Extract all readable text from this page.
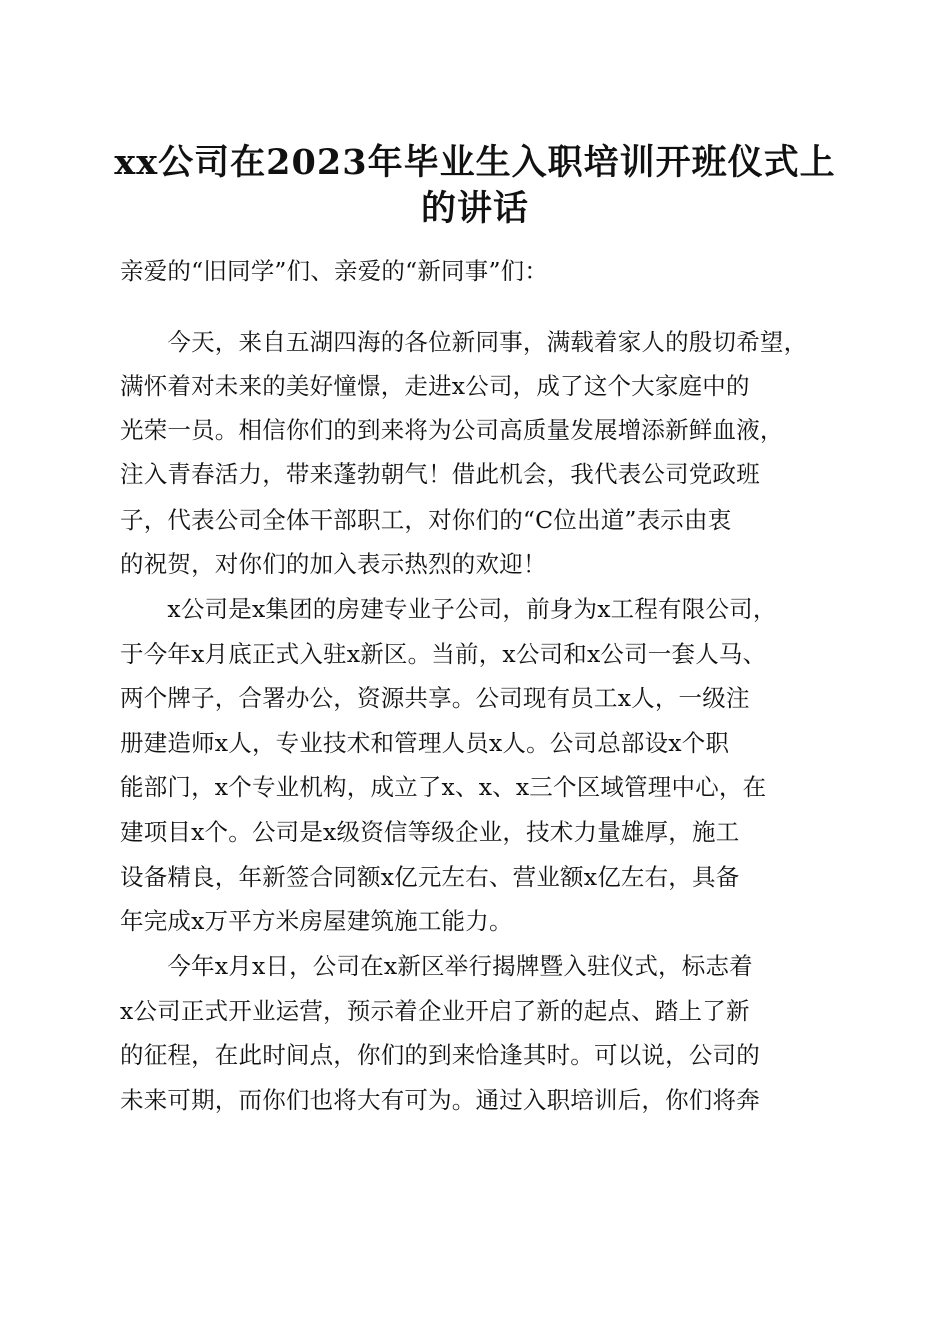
xx公司在2023年毕业生入职培训开班仪式上
的讲话
亲爱的“旧同学”们、亲爱的“新同事”们：
　　今天，来自五湖四海的各位新同事，满载着家人的殷切希望，
满怀着对未来的美好憧憬，走进x公司，成了这个大家庭中的
光荣一员。相信你们的到来将为公司高质量发展增添新鲜血液，
注入青春活力，带来蓬勃朝气！借此机会，我代表公司党政班
子，代表公司全体干部职工，对你们的“C位出道”表示由衷
的祝贺，对你们的加入表示热烈的欢迎！
　　x公司是x集团的房建专业子公司，前身为x工程有限公司，
于今年x月底正式入驻x新区。当前，x公司和x公司一套人马、
两个牌子，合署办公，资源共享。公司现有员工x人，一级注
册建造师x人，专业技术和管理人员x人。公司总部设x个职
能部门，x个专业机构，成立了x、x、x三个区域管理中心，在
建项目x个。公司是x级资信等级企业，技术力量雄厚，施工
设备精良，年新签合同额x亿元左右、营业额x亿左右，具备
年完成x万平方米房屋建筑施工能力。
　　今年x月x日，公司在x新区举行揭牌暨入驻仪式，标志着
x公司正式开业运营，预示着企业开启了新的起点、踏上了新
的征程，在此时间点，你们的到来恰逢其时。可以说，公司的
未来可期，而你们也将大有可为。通过入职培训后，你们将奔
